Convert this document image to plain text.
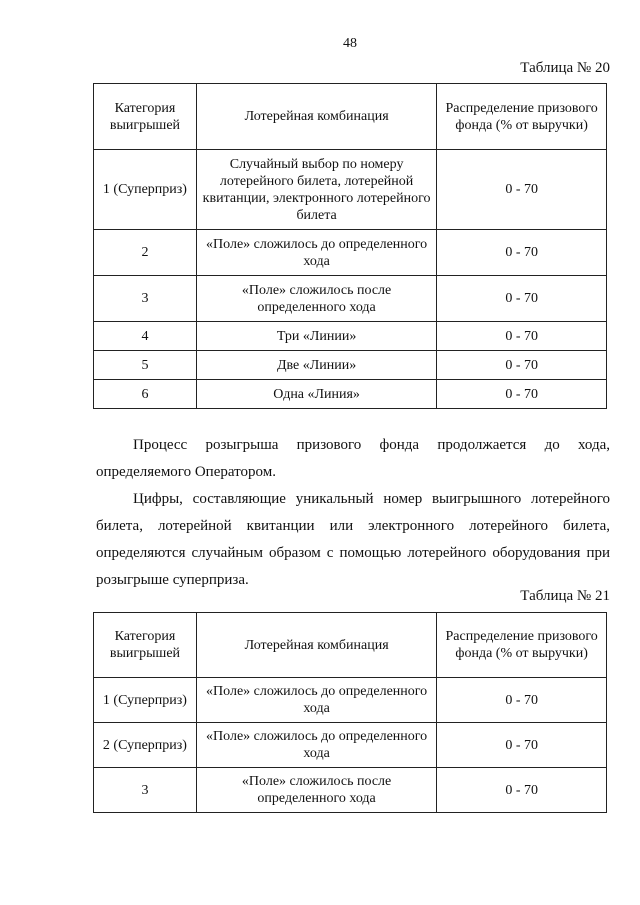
48
Таблица № 20
Категория выигрышей	Лотерейная комбинация	Распределение призового фонда (% от выручки)
1 (Суперприз)	Случайный выбор по номеру лотерейного билета, лотерейной квитанции, электронного лотерейного билета	0 - 70
2	«Поле» сложилось до определенного хода	0 - 70
3	«Поле» сложилось после определенного хода	0 - 70
4	Три «Линии»	0 - 70
5	Две «Линии»	0 - 70
6	Одна «Линия»	0 - 70

Процесс розыгрыша призового фонда продолжается до хода, определяемого Оператором.

Цифры, составляющие уникальный номер выигрышного лотерейного билета, лотерейной квитанции или электронного лотерейного билета, определяются случайным образом с помощью лотерейного оборудования при розыгрыше суперприза.

Таблица № 21
Категория выигрышей	Лотерейная комбинация	Распределение призового фонда (% от выручки)
1 (Суперприз)	«Поле» сложилось до определенного хода	0 - 70
2 (Суперприз)	«Поле» сложилось до определенного хода	0 - 70
3	«Поле» сложилось после определенного хода	0 - 70
